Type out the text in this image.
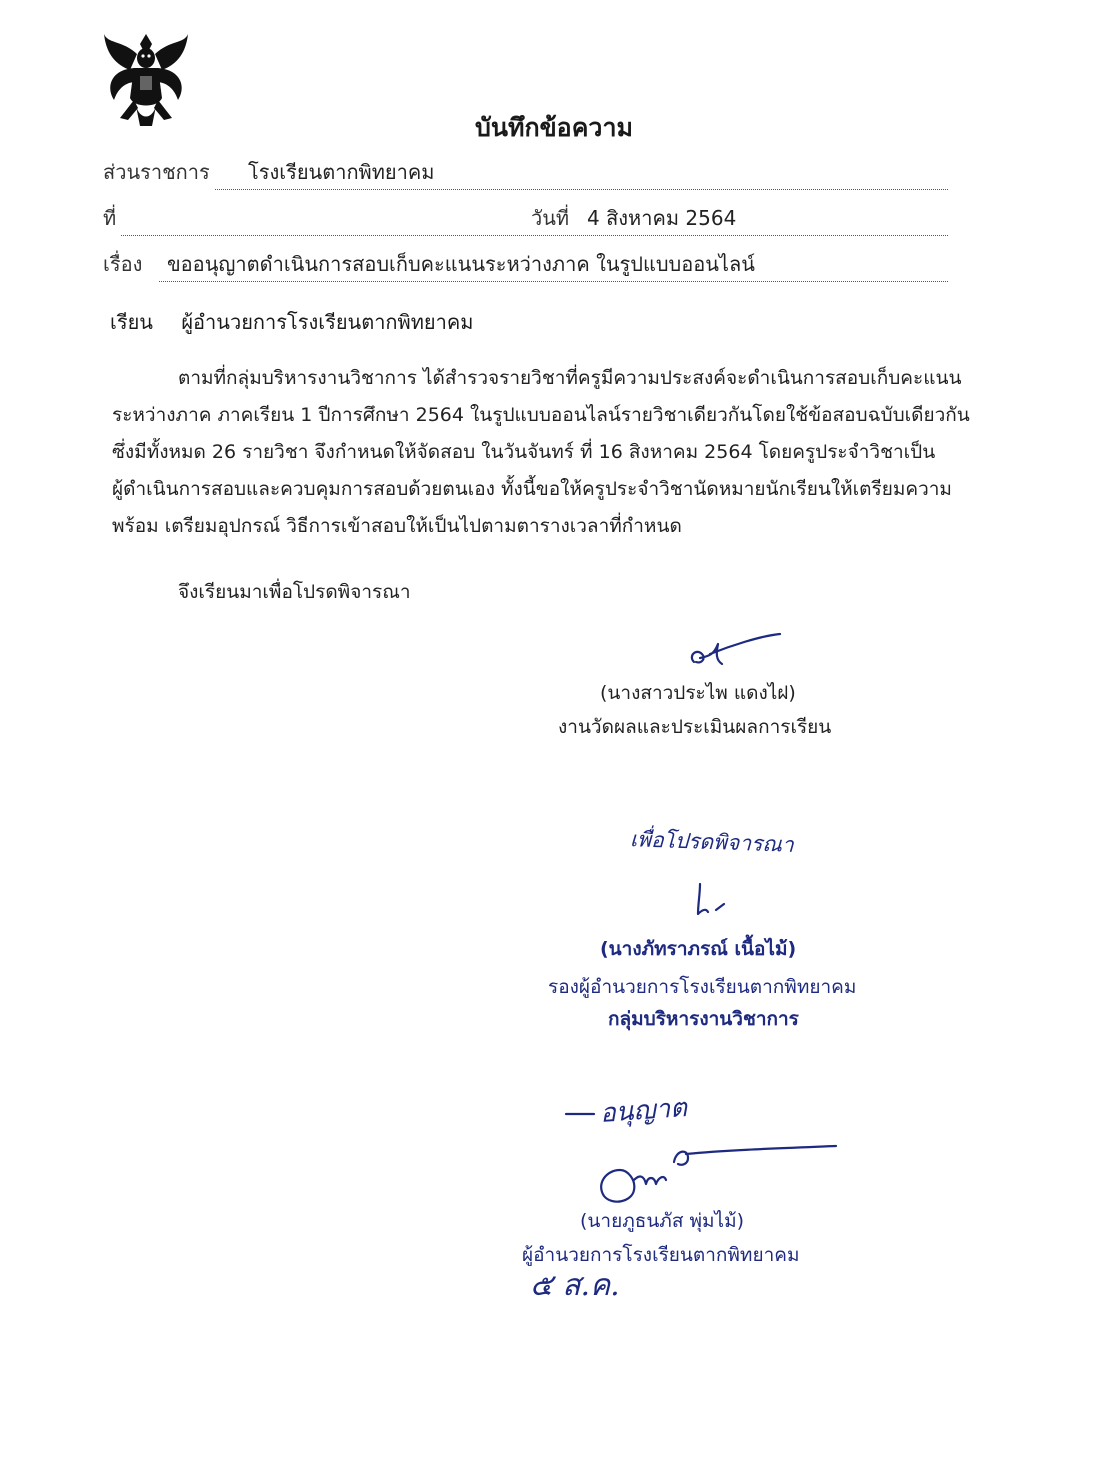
บันทึกข้อความ
ส่วนราชการ โรงเรียนตากพิทยาคม
ที่	วันที่ 4 สิงหาคม 2564
เรื่อง ขออนุญาตดำเนินการสอบเก็บคะแนนระหว่างภาค ในรูปแบบออนไลน์
เรียน ผู้อำนวยการโรงเรียนตากพิทยาคม
ตามที่กลุ่มบริหารงานวิชาการ ได้สำรวจรายวิชาที่ครูมีความประสงค์จะดำเนินการสอบเก็บคะแนน
ระหว่างภาค ภาคเรียน 1 ปีการศึกษา 2564 ในรูปแบบออนไลน์รายวิชาเดียวกันโดยใช้ข้อสอบฉบับเดียวกัน
ซึ่งมีทั้งหมด 26 รายวิชา จึงกำหนดให้จัดสอบ ในวันจันทร์ ที่ 16 สิงหาคม 2564 โดยครูประจำวิชาเป็น
ผู้ดำเนินการสอบและควบคุมการสอบด้วยตนเอง ทั้งนี้ขอให้ครูประจำวิชานัดหมายนักเรียนให้เตรียมความ
พร้อม เตรียมอุปกรณ์ วิธีการเข้าสอบให้เป็นไปตามตารางเวลาที่กำหนด
จึงเรียนมาเพื่อโปรดพิจารณา
(นางสาวประไพ แดงไฝ)
งานวัดผลและประเมินผลการเรียน
เพื่อโปรดพิจารณา
(นางภัทราภรณ์ เนื้อไม้)
รองผู้อำนวยการโรงเรียนตากพิทยาคม
กลุ่มบริหารงานวิชาการ
อนุญาต
(นายภูธนภัส พุ่มไม้)
ผู้อำนวยการโรงเรียนตากพิทยาคม
๕ ส.ค.
